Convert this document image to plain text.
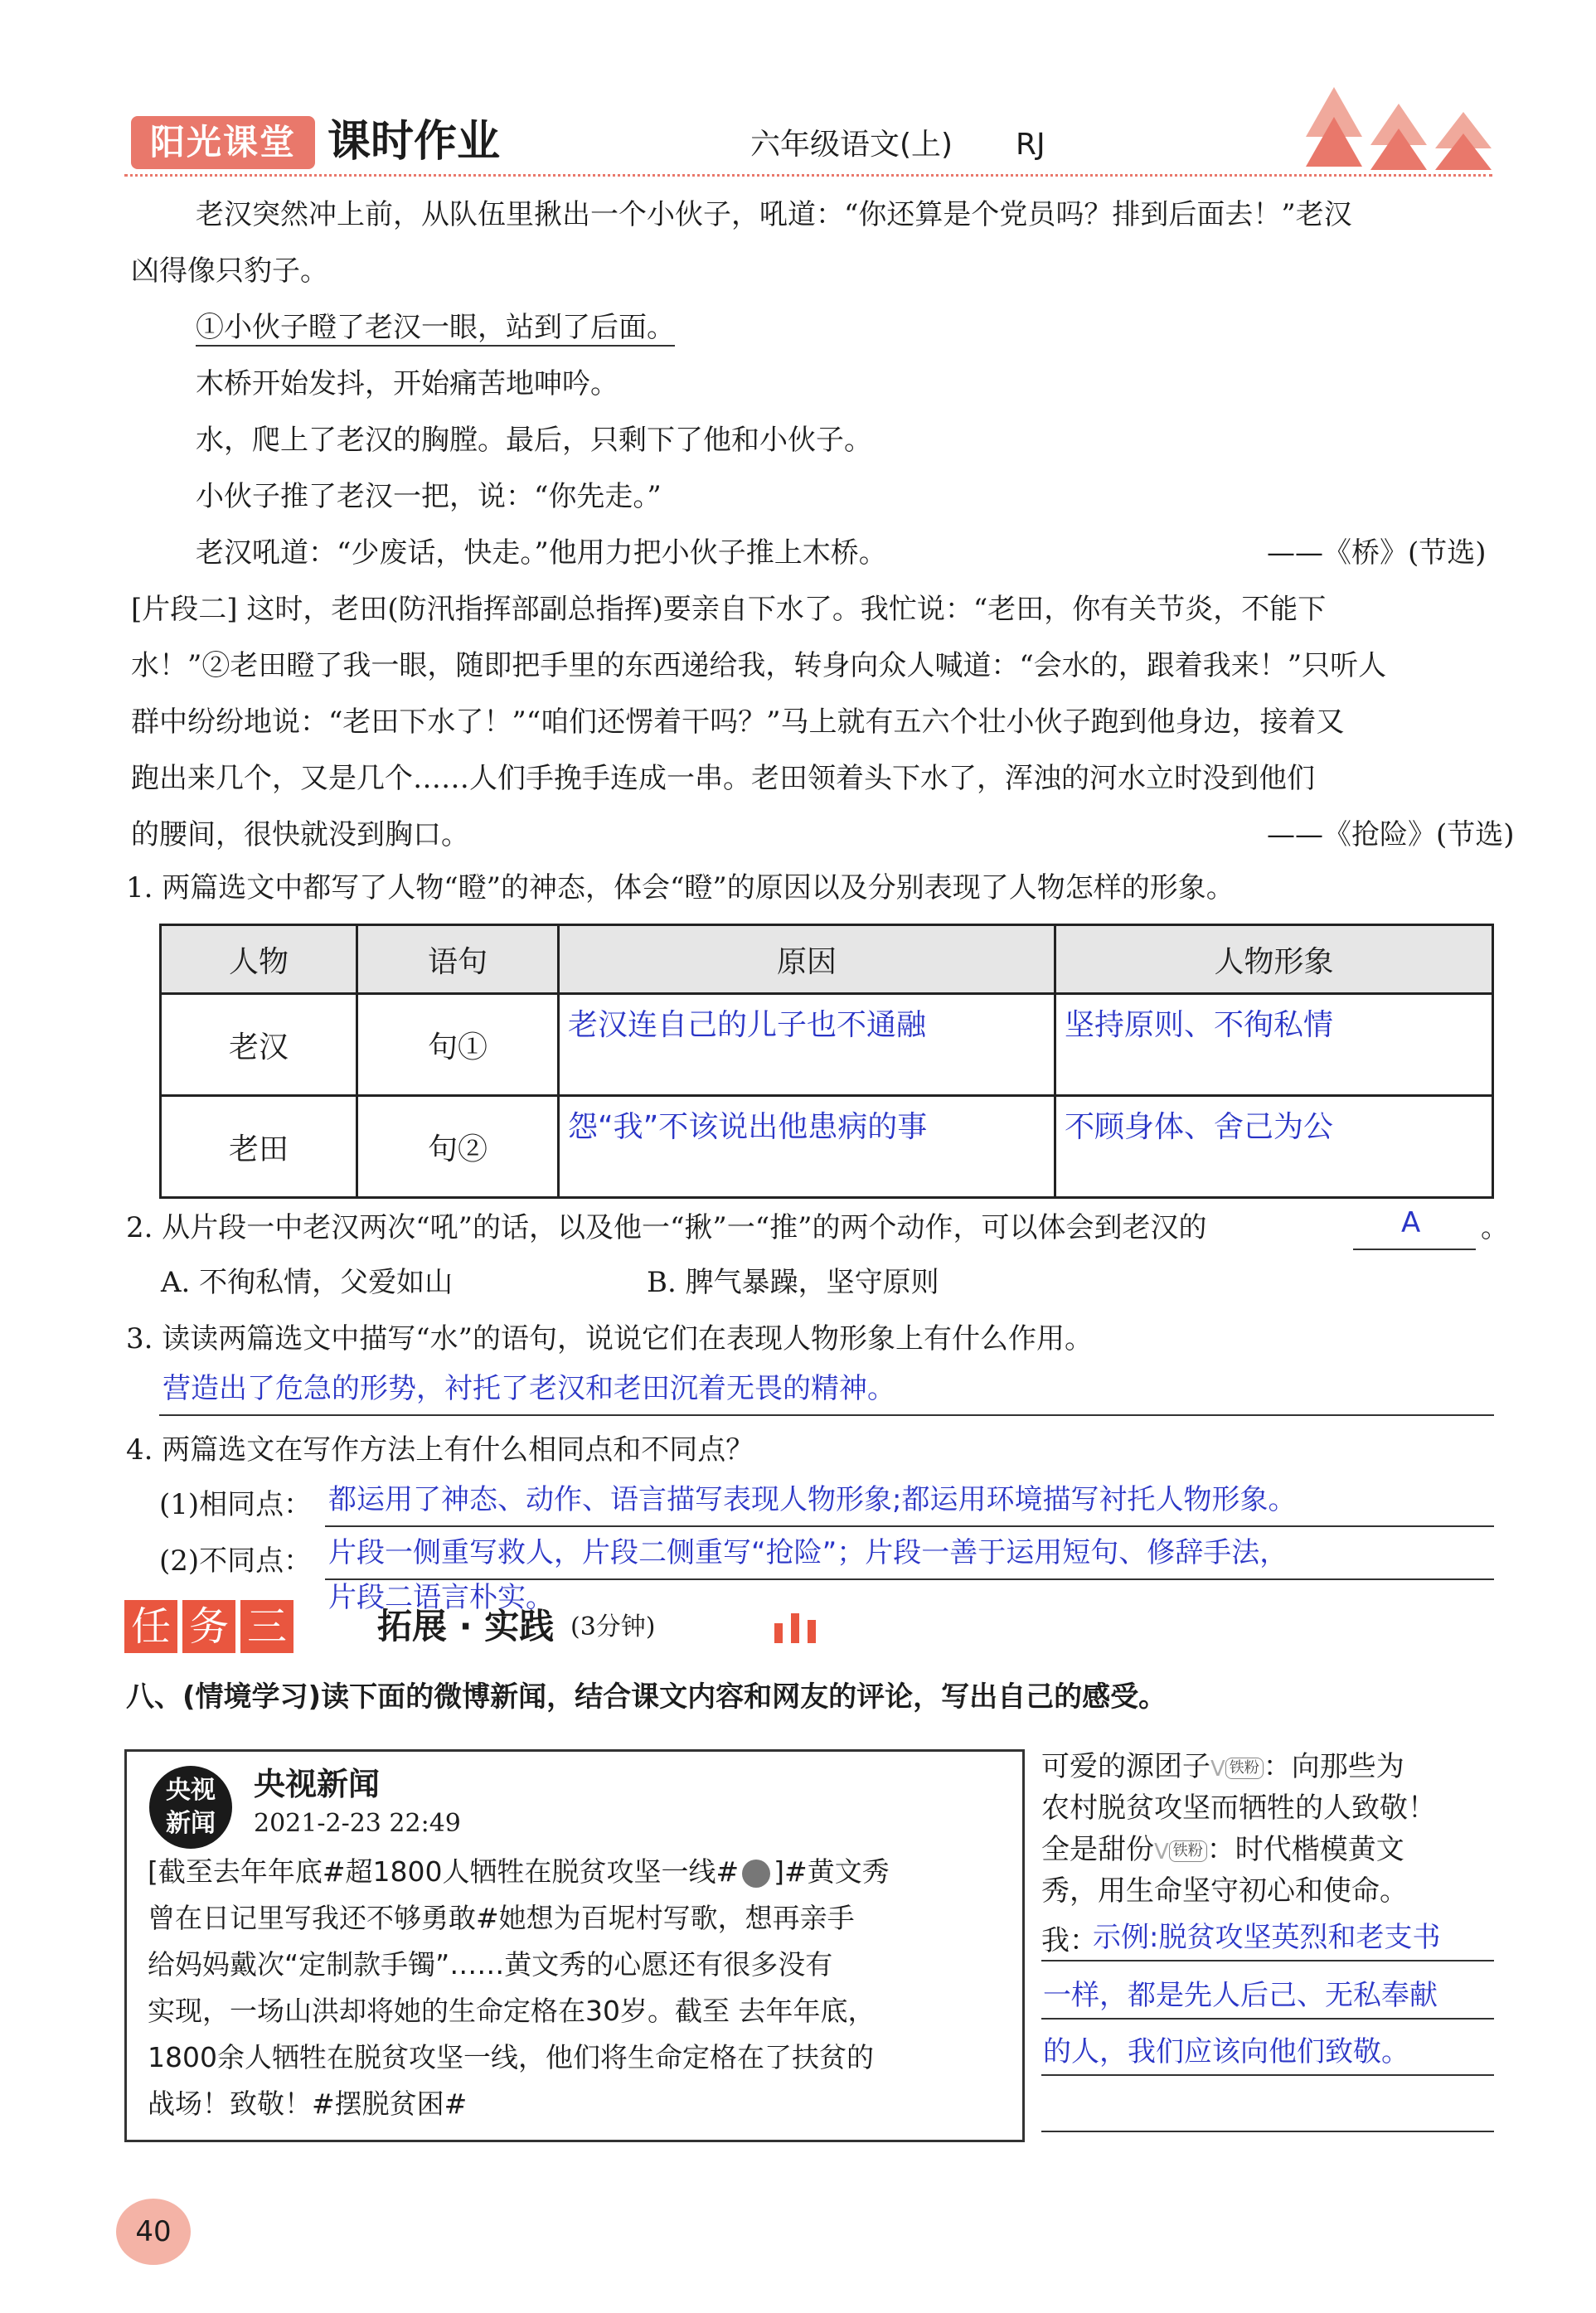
阳光课堂 课时作业	六年级语文(上) RJ
老汉突然冲上前，从队伍里揪出一个小伙子，吼道：“你还算是个党员吗？排到后面去！”老汉
凶得像只豹子。
①小伙子瞪了老汉一眼，站到了后面。
木桥开始发抖，开始痛苦地呻吟。
水，爬上了老汉的胸膛。最后，只剩下了他和小伙子。
小伙子推了老汉一把，说：“你先走。”
老汉吼道：“少废话，快走。”他用力把小伙子推上木桥。	——《桥》(节选)
[片段二] 这时，老田(防汛指挥部副总指挥)要亲自下水了。我忙说：“老田，你有关节炎，不能下
水！”②老田瞪了我一眼，随即把手里的东西递给我，转身向众人喊道：“会水的，跟着我来！”只听人
群中纷纷地说：“老田下水了！”“咱们还愣着干吗？”马上就有五六个壮小伙子跑到他身边，接着又
跑出来几个，又是几个……人们手挽手连成一串。老田领着头下水了，浑浊的河水立时没到他们
的腰间，很快就没到胸口。	——《抢险》(节选)
1. 两篇选文中都写了人物“瞪”的神态，体会“瞪”的原因以及分别表现了人物怎样的形象。
人物	语句	原因	人物形象
老汉	句①	老汉连自己的儿子也不通融	坚持原则、不徇私情
老田	句②	怨“我”不该说出他患病的事	不顾身体、舍己为公
2. 从片段一中老汉两次“吼”的话，以及他一“揪”一“推”的两个动作，可以体会到老汉的	A 。
A. 不徇私情，父爱如山	B. 脾气暴躁，坚守原则
3. 读读两篇选文中描写“水”的语句，说说它们在表现人物形象上有什么作用。
营造出了危急的形势，衬托了老汉和老田沉着无畏的精神。
4. 两篇选文在写作方法上有什么相同点和不同点？
(1)相同点： 都运用了神态、动作、语言描写表现人物形象;都运用环境描写衬托人物形象。
(2)不同点： 片段一侧重写救人，片段二侧重写“抢险”；片段一善于运用短句、修辞手法，
片段二语言朴实。
任 务 三	拓展 · 实践 (3分钟)
八、(情境学习)读下面的微博新闻，结合课文内容和网友的评论，写出自己的感受。
央视
新闻
央视新闻
2021-2-23 22:49
[截至去年年底#超1800人牺牲在脱贫攻坚一线# ]#黄文秀
曾在日记里写我还不够勇敢#她想为百坭村写歌，想再亲手
给妈妈戴次“定制款手镯”……黄文秀的心愿还有很多没有
实现，一场山洪却将她的生命定格在30岁。截至 去年年底，
1800余人牺牲在脱贫攻坚一线，他们将生命定格在了扶贫的
战场！致敬！#摆脱贫困#
可爱的源团子V 铁粉 ：向那些为
农村脱贫攻坚而牺牲的人致敬！
全是甜份V 铁粉 ：时代楷模黄文
秀，用生命坚守初心和使命。
我：
示例:脱贫攻坚英烈和老支书
一样，都是先人后己、无私奉献
的人，我们应该向他们致敬。
40
